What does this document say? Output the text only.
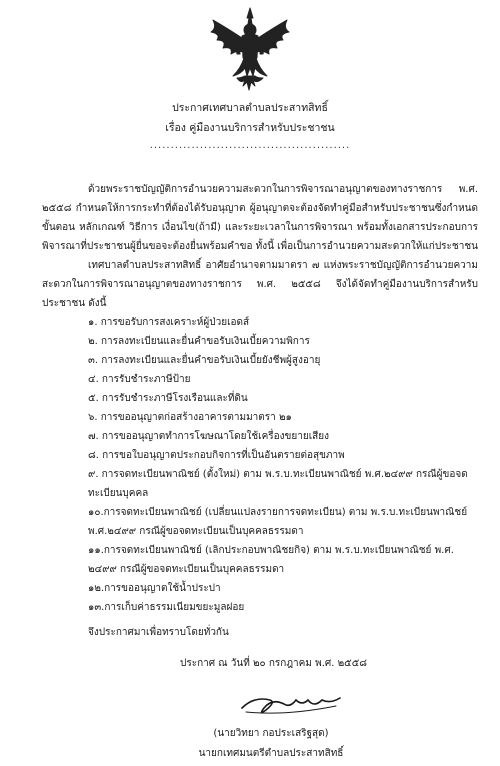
ประกาศเทศบาลตำบลประสาทสิทธิ์
เรื่อง คู่มืองานบริการสำหรับประชาชน
................................................
ด้วยพระราชบัญญัติการอำนวยความสะดวกในการพิจารณาอนุญาตของทางราชการ พ.ศ. ๒๕๕๘ กำหนดให้การกระทำที่ต้องได้รับอนุญาต ผู้อนุญาตจะต้องจัดทำคู่มือสำหรับประชาชนซึ่งกำหนดขั้นตอน หลักเกณฑ์ วิธีการ เงื่อนไข(ถ้ามี) และระยะเวลาในการพิจารณา พร้อมทั้งเอกสารประกอบการพิจารณาที่ประชาชนผู้ยื่นขอจะต้องยื่นพร้อมคำขอ ทั้งนี้ เพื่อเป็นการอำนวยความสะดวกให้แก่ประชาชน
เทศบาลตำบลประสาทสิทธิ์ อาศัยอำนาจตามมาตรา ๗ แห่งพระราชบัญญัติการอำนวยความสะดวกในการพิจารณาอนุญาตของทางราชการ พ.ศ. ๒๕๕๘ จึงได้จัดทำคู่มืองานบริการสำหรับประชาชน ดังนี้
๑. การขอรับการสงเคราะห์ผู้ป่วยเอดส์
๒. การลงทะเบียนและยื่นคำขอรับเงินเบี้ยความพิการ
๓. การลงทะเบียนและยื่นคำขอรับเงินเบี้ยยังชีพผู้สูงอายุ
๔. การรับชำระภาษีป้าย
๕. การรับชำระภาษีโรงเรือนและที่ดิน
๖. การขออนุญาตก่อสร้างอาคารตามมาตรา ๒๑
๗. การขออนุญาตทำการโฆษณาโดยใช้เครื่องขยายเสียง
๘. การขอใบอนุญาตประกอบกิจการที่เป็นอันตรายต่อสุขภาพ
๙. การจดทะเบียนพาณิชย์ (ตั้งใหม่) ตาม พ.ร.บ.ทะเบียนพาณิชย์ พ.ศ.๒๔๙๙ กรณีผู้ขอจดทะเบียนบุคคล
๑๐.การจดทะเบียนพาณิชย์ (เปลี่ยนแปลงรายการจดทะเบียน) ตาม พ.ร.บ.ทะเบียนพาณิชย์ พ.ศ.๒๔๙๙ กรณีผู้ขอจดทะเบียนเป็นบุคคลธรรมดา
๑๑.การจดทะเบียนพาณิชย์ (เลิกประกอบพาณิชยกิจ) ตาม พ.ร.บ.ทะเบียนพาณิชย์ พ.ศ. ๒๔๙๙ กรณีผู้ขอจดทะเบียนเป็นบุคคลธรรมดา
๑๒.การขออนุญาตใช้น้ำประปา
๑๓.การเก็บค่าธรรมเนียมขยะมูลฝอย
จึงประกาศมาเพื่อทราบโดยทั่วกัน
ประกาศ ณ วันที่ ๒๐ กรกฎาคม พ.ศ. ๒๕๕๘
(นายวิทยา กอประเสริฐสุด)
นายกเทศมนตรีตำบลประสาทสิทธิ์
